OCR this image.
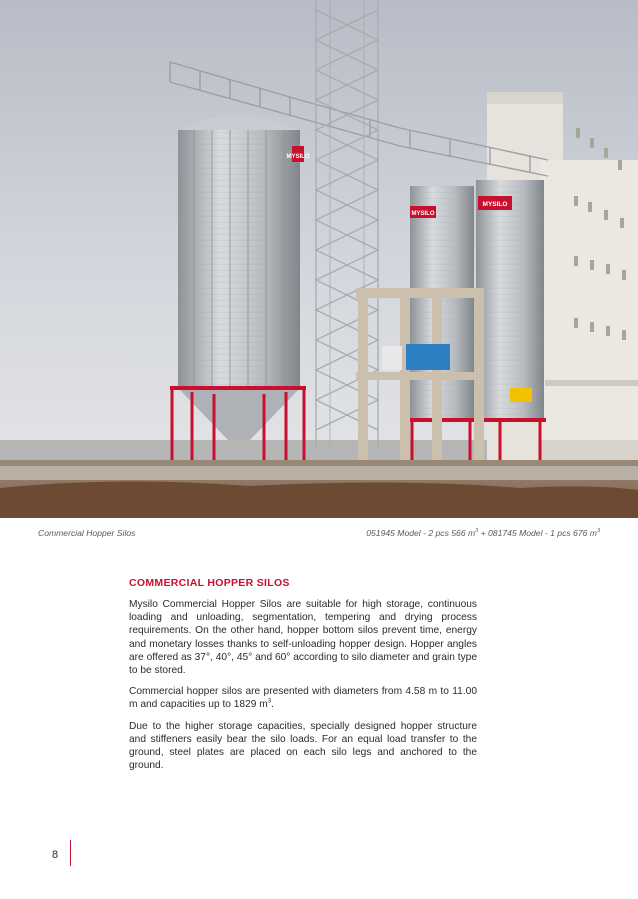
MYSILO
MYSILO
MYSILO
Commercial Hopper Silos	051945 Model - 2 pcs 566 $m^3 + 081745$ Model - 1 pcs 676 $m^3$
COMMERCIAL HOPPER SILOS

Mysilo Commercial Hopper Silos are suitable for high storage, continuous loading and unloading, segmentation, tempering and drying process requirements. On the other hand, hopper bottom silos prevent time, energy and monetary losses thanks to self-unloading hopper design. Hopper angles are offered as 37°, 40°, 45° and 60° according to silo diameter and grain type to be stored.

Commercial hopper silos are presented with diameters from 4.58 m to 11.00 m and capacities up to 1829 $m^3$.

Due to the higher storage capacities, specially designed hopper structure and stiffeners easily bear the silo loads. For an equal load transfer to the ground, steel plates are placed on each silo legs and anchored to the ground.

8
